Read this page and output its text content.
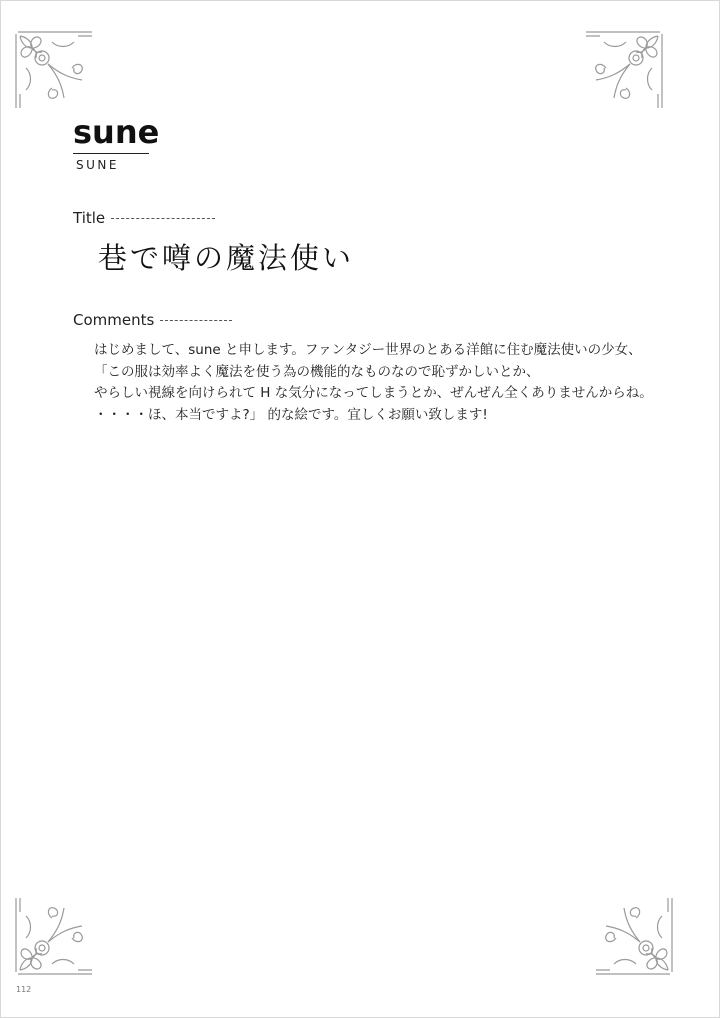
sune
SUNE
Title
巷で噂の魔法使い
Comments
はじめまして、sune と申します。ファンタジー世界のとある洋館に住む魔法使いの少女、
「この服は効率よく魔法を使う為の機能的なものなので恥ずかしいとか、
やらしい視線を向けられて H な気分になってしまうとか、ぜんぜん全くありませんからね。
・・・・ほ、本当ですよ?」 的な絵です。宜しくお願い致します!
112
